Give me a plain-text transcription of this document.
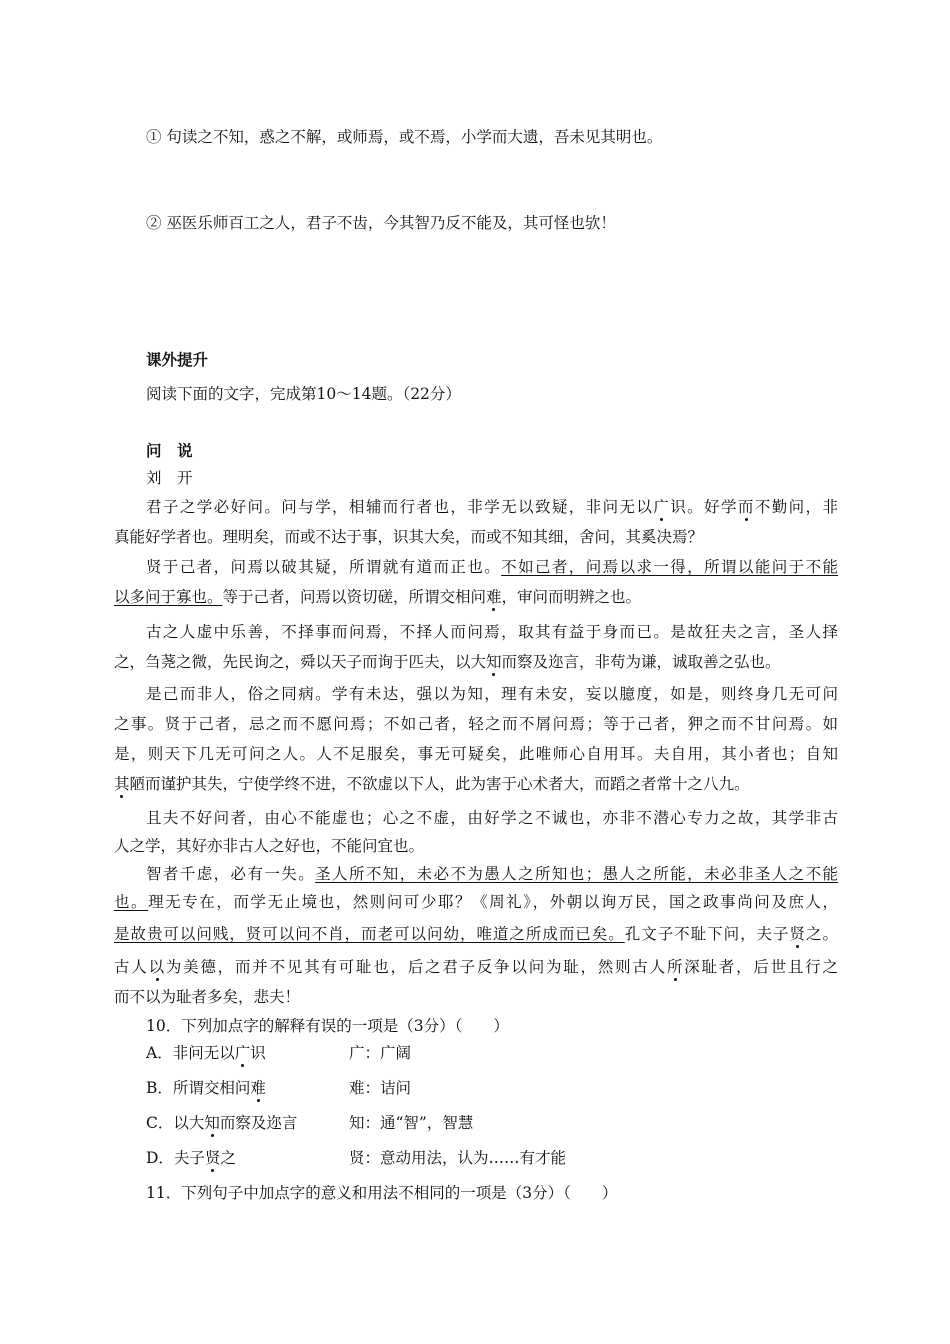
① 句读之不知，惑之不解，或师焉，或不焉，小学而大遗，吾未见其明也。
② 巫医乐师百工之人，君子不齿，今其智乃反不能及，其可怪也欤！
课外提升
阅读下面的文字，完成第10～14题。（22分）
问　说
刘　开
君子之学必好问。问与学，相辅而行者也，非学无以致疑，非问无以广识。好学而不勤问，非
真能好学者也。理明矣，而或不达于事，识其大矣，而或不知其细，舍问，其奚决焉？
贤于己者，问焉以破其疑，所谓就有道而正也。不如己者，问焉以求一得，所谓以能问于不能
以多问于寡也。等于己者，问焉以资切磋，所谓交相问难，审问而明辨之也。
古之人虚中乐善，不择事而问焉，不择人而问焉，取其有益于身而已。是故狂夫之言，圣人择
之，刍荛之微，先民询之，舜以天子而询于匹夫，以大知而察及迩言，非苟为谦，诚取善之弘也。
是己而非人，俗之同病。学有未达，强以为知，理有未安，妄以臆度，如是，则终身几无可问
之事。贤于己者，忌之而不愿问焉；不如己者，轻之而不屑问焉；等于己者，狎之而不甘问焉。如
是，则天下几无可问之人。人不足服矣，事无可疑矣，此唯师心自用耳。夫自用，其小者也；自知
其陋而谨护其失，宁使学终不进，不欲虚以下人，此为害于心术者大，而蹈之者常十之八九。
且夫不好问者，由心不能虚也；心之不虚，由好学之不诚也，亦非不潜心专力之故，其学非古
人之学，其好亦非古人之好也，不能问宜也。
智者千虑，必有一失。圣人所不知，未必不为愚人之所知也；愚人之所能，未必非圣人之不能
也。理无专在，而学无止境也，然则问可少耶？《周礼》，外朝以询万民，国之政事尚问及庶人，
是故贵可以问贱，贤可以问不肖，而老可以问幼，唯道之所成而已矣。孔文子不耻下问，夫子贤之。
古人以为美德，而并不见其有可耻也，后之君子反争以问为耻，然则古人所深耻者，后世且行之
而不以为耻者多矣，悲夫！
10．下列加点字的解释有误的一项是（3分）（　　）
A．非问无以广识	广：广阔
B．所谓交相问难	难：诘问
C．以大知而察及迩言	知：通“智”，智慧
D．夫子贤之	贤：意动用法，认为……有才能
11．下列句子中加点字的意义和用法不相同的一项是（3分）（　　）
